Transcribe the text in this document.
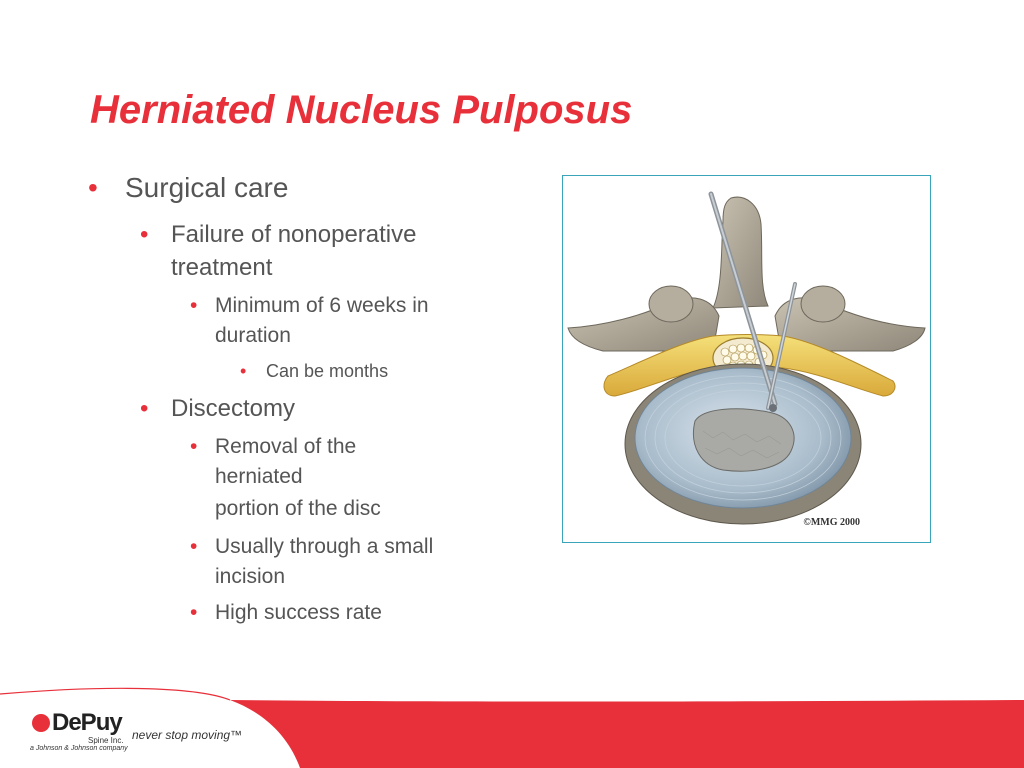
Herniated Nucleus Pulposus
• Surgical care
• Failure of nonoperative
treatment
• Minimum of 6 weeks in
duration
• Can be months
• Discectomy
• Removal of the
herniated
portion of the disc
• Usually through a small
incision
• High success rate
©MMG 2000
DePuy
Spine Inc.
a Johnson & Johnson company
never stop moving™
